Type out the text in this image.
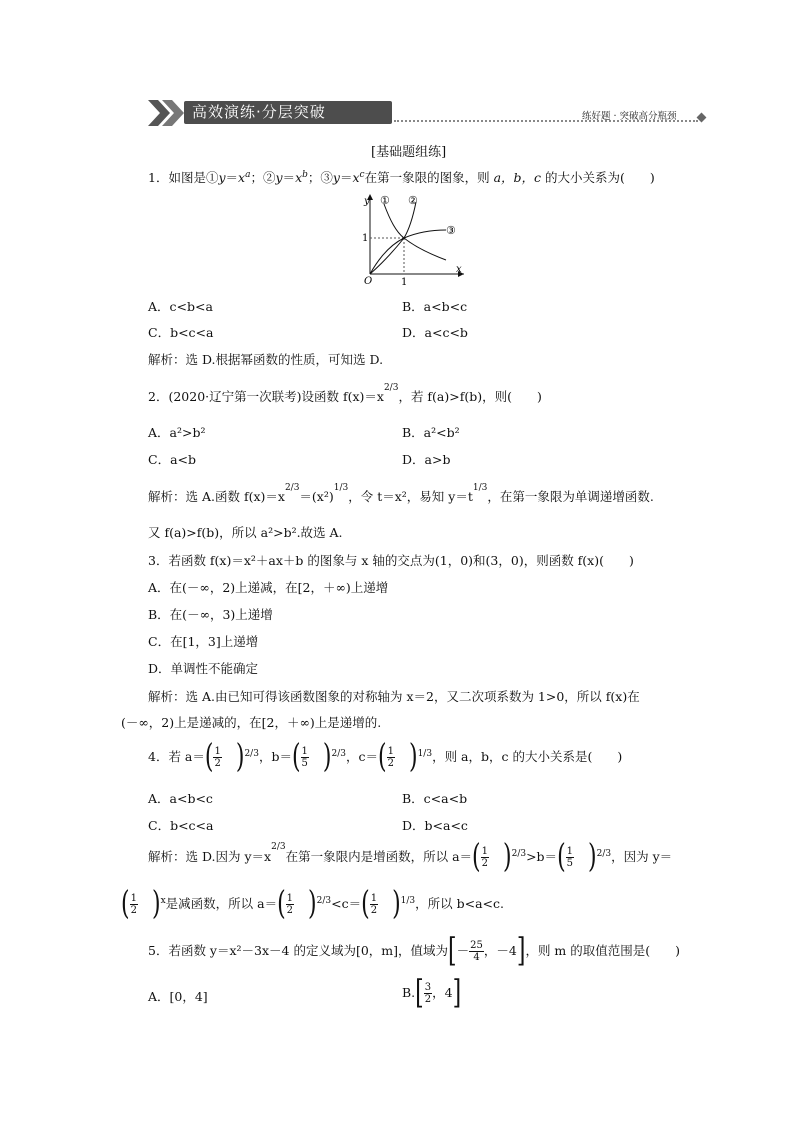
高效演练·分层突破	练好题 · 突破高分瓶颈
[基础题组练]
1．如图是$①y=x^a$；$②y=x^b$；$③y=x^c$在第一象限的图象，则 a，b，c 的大小关系为(　　)
y
x
O	1
1
① ②
③
A．c<b<a	B．a<b<c
C．b<c<a	D．a<c<b
解析：选 D.根据幂函数的性质，可知选 D.
2．(2020·辽宁第一次联考)设函数 $f(x)=x^{2/3}$，若 f(a)>f(b)，则(　　)
A．a²>b²	B．a²<b²
C．a<b	D．a>b
解析：选 A.函数 $f(x)=x^{2/3}=(x^2)^{1/3}$，令 t＝x²，易知 $y=t^{1/3}$，在第一象限为单调递增函数.
又 f(a)>f(b)，所以 a²>b².故选 A.
3．若函数 f(x)＝x²＋ax＋b 的图象与 x 轴的交点为(1，0)和(3，0)，则函数 f(x)(　　)
A．在(－∞，2)上递减，在[2，＋∞)上递增
B．在(－∞，3)上递增
C．在[1，3]上递增
D．单调性不能确定
解析：选 A.由已知可得该函数图象的对称轴为 x＝2，又二次项系数为 1>0，所以 f(x)在
(－∞，2)上是递减的，在[2，＋∞)上是递增的.
4．若 $a=( \frac{1}{2} )^{2/3}$，$b=( \frac{1}{5} )^{2/3}$，$c=( \frac{1}{2} )^{1/3}$，则 a，b，c 的大小关系是(　　)
A．a<b<c	B．c<a<b
C．b<c<a	D．b<a<c
解析：选 D.因为 $y=x^{2/3}$在第一象限内是增函数，所以 $a=( \frac{1}{2} )^{2/3}>b=( \frac{1}{5} )^{2/3}$，因为 y＝
( $\frac{1}{2} )^x$是减函数，所以 $a=( \frac{1}{2} )^{2/3}<c=( \frac{1}{2} )^{1/3}$，所以 b<a<c.
5．若函数 y＝x²－3x－4 的定义域为[0，m]，值域为[－ $\frac{25}{4}$ ，－4]，则 m 的取值范围是(　　)
A．[0，4]	$B.[ \frac{3}{2}$ ，4]
